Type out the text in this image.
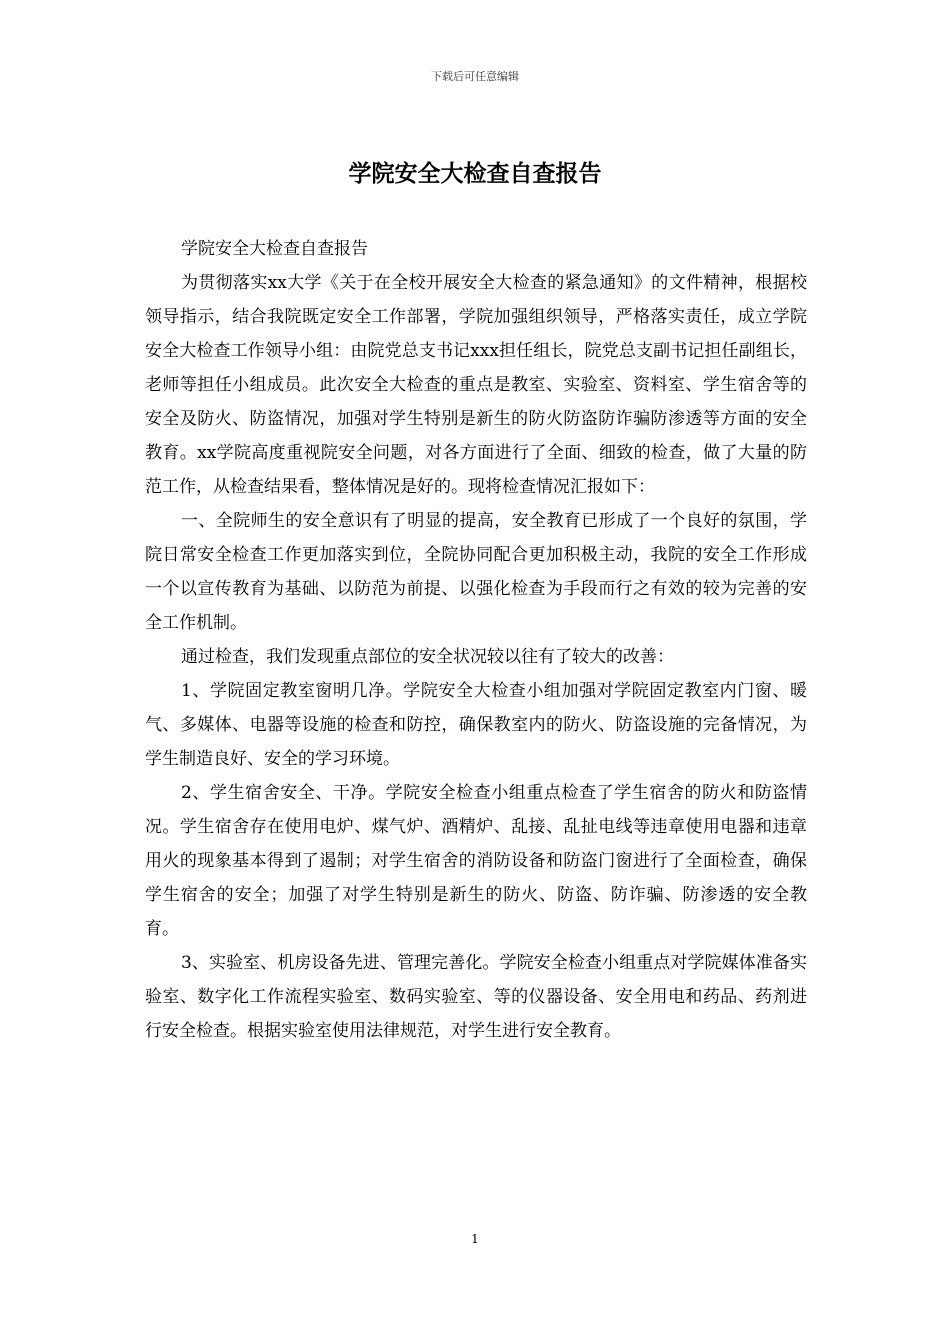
下载后可任意编辑
学院安全大检查自查报告

学院安全大检查自查报告

为贯彻落实xx大学《关于在全校开展安全大检查的紧急通知》的文件精神，根据校领导指示，结合我院既定安全工作部署，学院加强组织领导，严格落实责任，成立学院安全大检查工作领导小组：由院党总支书记xxx担任组长，院党总支副书记担任副组长，老师等担任小组成员。此次安全大检查的重点是教室、实验室、资料室、学生宿舍等的安全及防火、防盗情况，加强对学生特别是新生的防火防盗防诈骗防渗透等方面的安全教育。xx学院高度重视院安全问题，对各方面进行了全面、细致的检查，做了大量的防范工作，从检查结果看，整体情况是好的。现将检查情况汇报如下：

一、全院师生的安全意识有了明显的提高，安全教育已形成了一个良好的氛围，学院日常安全检查工作更加落实到位，全院协同配合更加积极主动，我院的安全工作形成一个以宣传教育为基础、以防范为前提、以强化检查为手段而行之有效的较为完善的安全工作机制。

通过检查，我们发现重点部位的安全状况较以往有了较大的改善：

1、学院固定教室窗明几净。学院安全大检查小组加强对学院固定教室内门窗、暖气、多媒体、电器等设施的检查和防控，确保教室内的防火、防盗设施的完备情况，为学生制造良好、安全的学习环境。

2、学生宿舍安全、干净。学院安全检查小组重点检查了学生宿舍的防火和防盗情况。学生宿舍存在使用电炉、煤气炉、酒精炉、乱接、乱扯电线等违章使用电器和违章用火的现象基本得到了遏制；对学生宿舍的消防设备和防盗门窗进行了全面检查，确保学生宿舍的安全；加强了对学生特别是新生的防火、防盗、防诈骗、防渗透的安全教育。

3、实验室、机房设备先进、管理完善化。学院安全检查小组重点对学院媒体准备实验室、数字化工作流程实验室、数码实验室、等的仪器设备、安全用电和药品、药剂进行安全检查。根据实验室使用法律规范，对学生进行安全教育。

1
